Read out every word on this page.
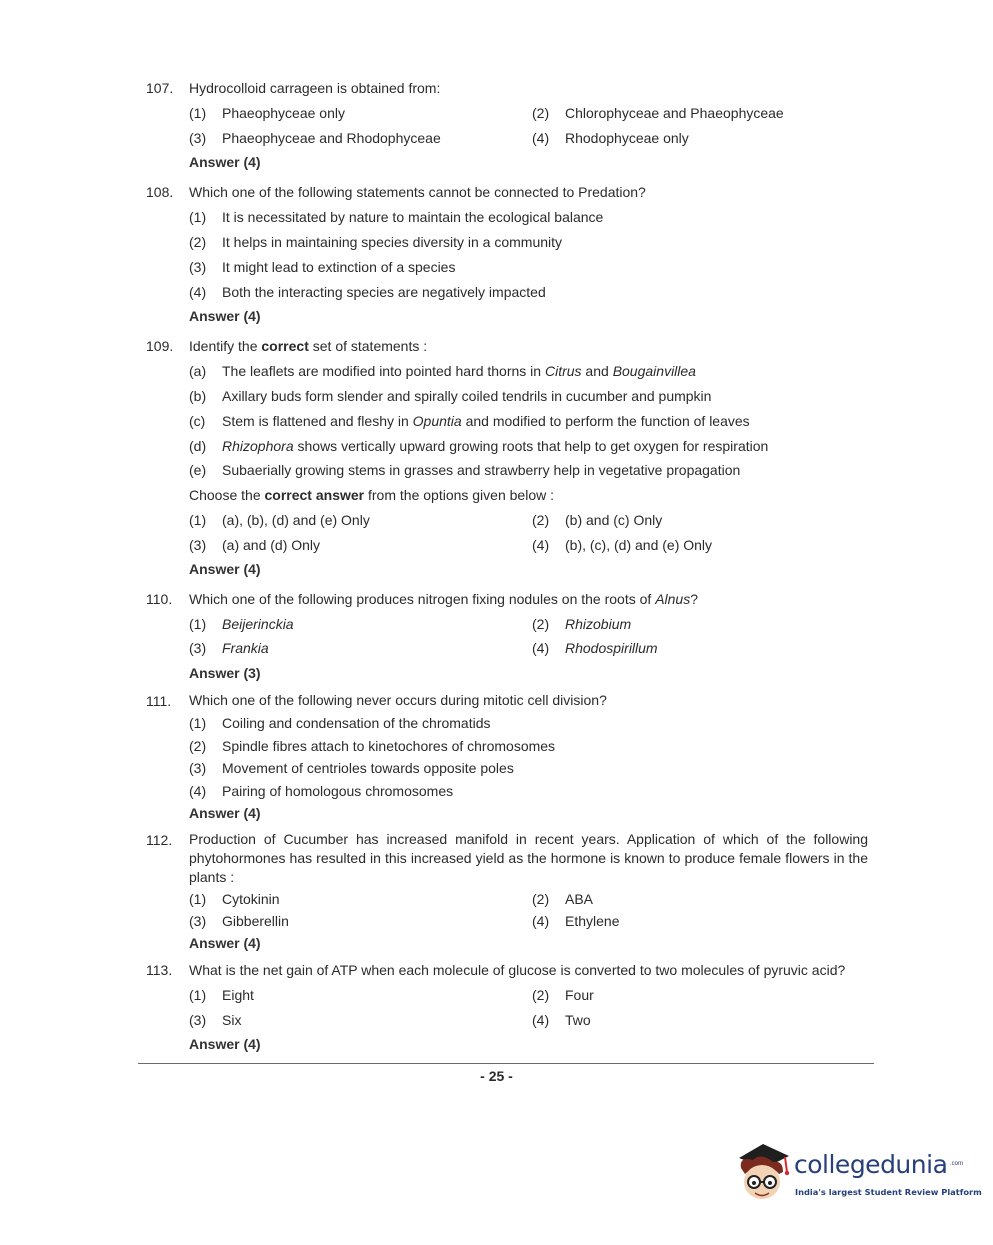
107. Hydrocolloid carrageen is obtained from:
(1)	Phaeophyceae only	(2)	Chlorophyceae and Phaeophyceae
(3)	Phaeophyceae and Rhodophyceae	(4)	Rhodophyceae only
Answer (4)
108. Which one of the following statements cannot be connected to Predation?
(1)	It is necessitated by nature to maintain the ecological balance
(2)	It helps in maintaining species diversity in a community
(3)	It might lead to extinction of a species
(4)	Both the interacting species are negatively impacted
Answer (4)
109. Identify the correct set of statements :
(a)	The leaflets are modified into pointed hard thorns in Citrus and Bougainvillea
(b)	Axillary buds form slender and spirally coiled tendrils in cucumber and pumpkin
(c)	Stem is flattened and fleshy in Opuntia and modified to perform the function of leaves
(d)	Rhizophora shows vertically upward growing roots that help to get oxygen for respiration
(e)	Subaerially growing stems in grasses and strawberry help in vegetative propagation
Choose the correct answer from the options given below :
(1)	(a), (b), (d) and (e) Only	(2)	(b) and (c) Only
(3)	(a) and (d) Only	(4)	(b), (c), (d) and (e) Only
Answer (4)
110. Which one of the following produces nitrogen fixing nodules on the roots of Alnus?
(1)	Beijerinckia	(2)	Rhizobium
(3)	Frankia	(4)	Rhodospirillum
Answer (3)
111. Which one of the following never occurs during mitotic cell division?
(1)	Coiling and condensation of the chromatids
(2)	Spindle fibres attach to kinetochores of chromosomes
(3)	Movement of centrioles towards opposite poles
(4)	Pairing of homologous chromosomes
Answer (4)
112. Production of Cucumber has increased manifold in recent years. Application of which of the following phytohormones has resulted in this increased yield as the hormone is known to produce female flowers in the plants :
(1)	Cytokinin	(2)	ABA
(3)	Gibberellin	(4)	Ethylene
Answer (4)
113. What is the net gain of ATP when each molecule of glucose is converted to two molecules of pyruvic acid?
(1)	Eight	(2)	Four
(3)	Six	(4)	Two
Answer (4)
- 25 -
collegedunia .com
India's largest Student Review Platform
